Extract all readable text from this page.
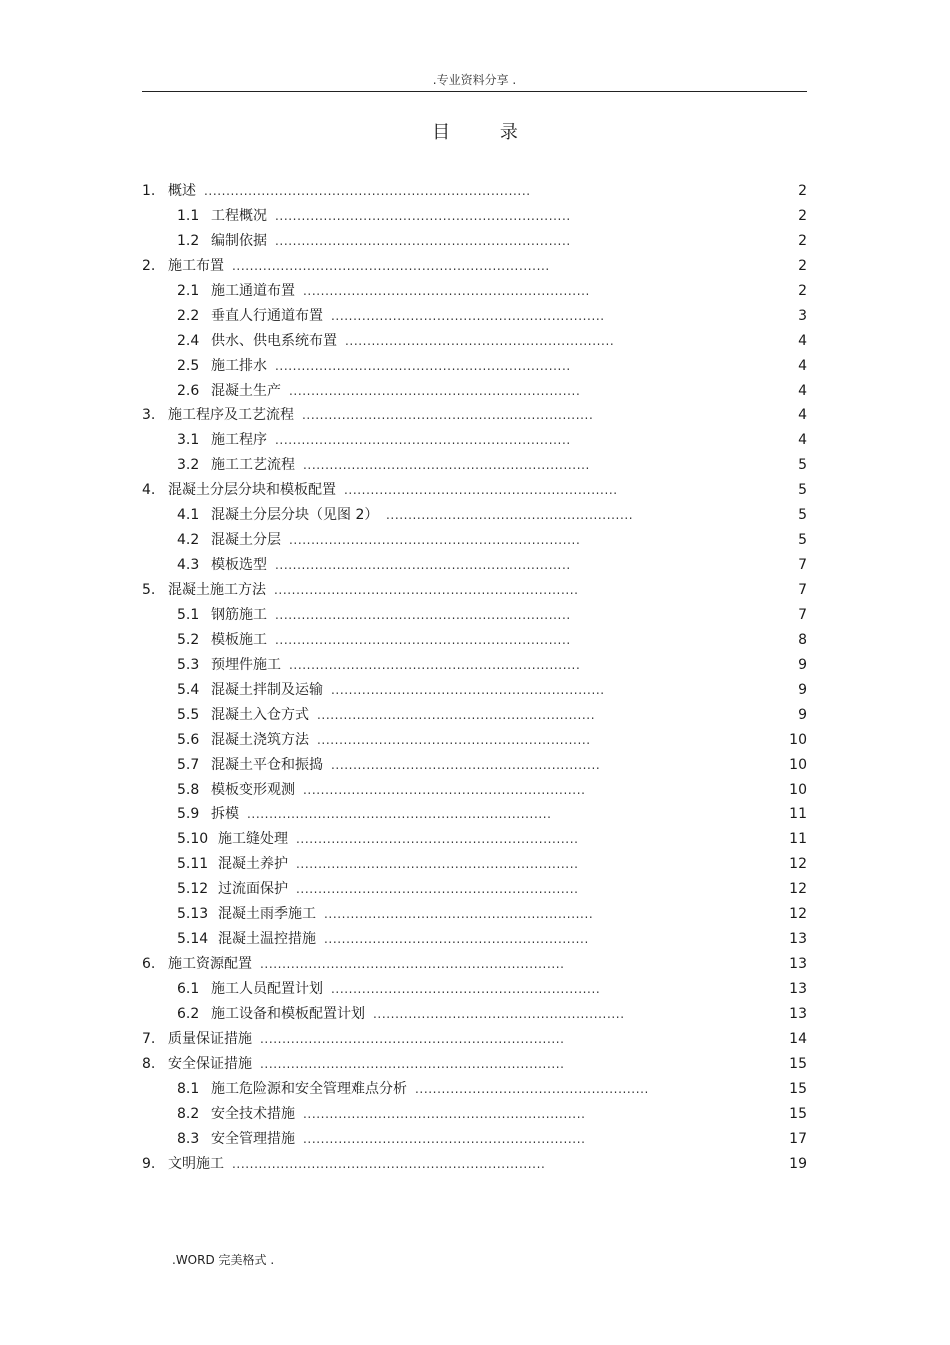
.专业资料分享 .
目 录
1. 概述 ..........................................................................	2
1.1 工程概况 ...................................................................	2
1.2 编制依据 ...................................................................	2
2. 施工布置 ........................................................................	2
2.1 施工通道布置 .................................................................	2
2.2 垂直人行通道布置 ..............................................................	3
2.4 供水、供电系统布置 .............................................................	4
2.5 施工排水 ...................................................................	4
2.6 混凝土生产 ..................................................................	4
3. 施工程序及工艺流程 ..................................................................	4
3.1 施工程序 ...................................................................	4
3.2 施工工艺流程 .................................................................	5
4. 混凝土分层分块和模板配置 ..............................................................	5
4.1 混凝土分层分块（见图 2） ........................................................	5
4.2 混凝土分层 ..................................................................	5
4.3 模板选型 ...................................................................	7
5. 混凝土施工方法 .....................................................................	7
5.1 钢筋施工 ...................................................................	7
5.2 模板施工 ...................................................................	8
5.3 预埋件施工 ..................................................................	9
5.4 混凝土拌制及运输 ..............................................................	9
5.5 混凝土入仓方式 ...............................................................	9
5.6 混凝土浇筑方法 ..............................................................	10
5.7 混凝土平仓和振捣 .............................................................	10
5.8 模板变形观测 ................................................................	10
5.9 拆模 .....................................................................	11
5.10 施工缝处理 ................................................................	11
5.11 混凝土养护 ................................................................	12
5.12 过流面保护 ................................................................	12
5.13 混凝土雨季施工 .............................................................	12
5.14 混凝土温控措施 ............................................................	13
6. 施工资源配置 .....................................................................	13
6.1 施工人员配置计划 .............................................................	13
6.2 施工设备和模板配置计划 .........................................................	13
7. 质量保证措施 .....................................................................	14
8. 安全保证措施 .....................................................................	15
8.1 施工危险源和安全管理难点分析 .....................................................	15
8.2 安全技术措施 ................................................................	15
8.3 安全管理措施 ................................................................	17
9. 文明施工 .......................................................................	19
.WORD 完美格式 .
